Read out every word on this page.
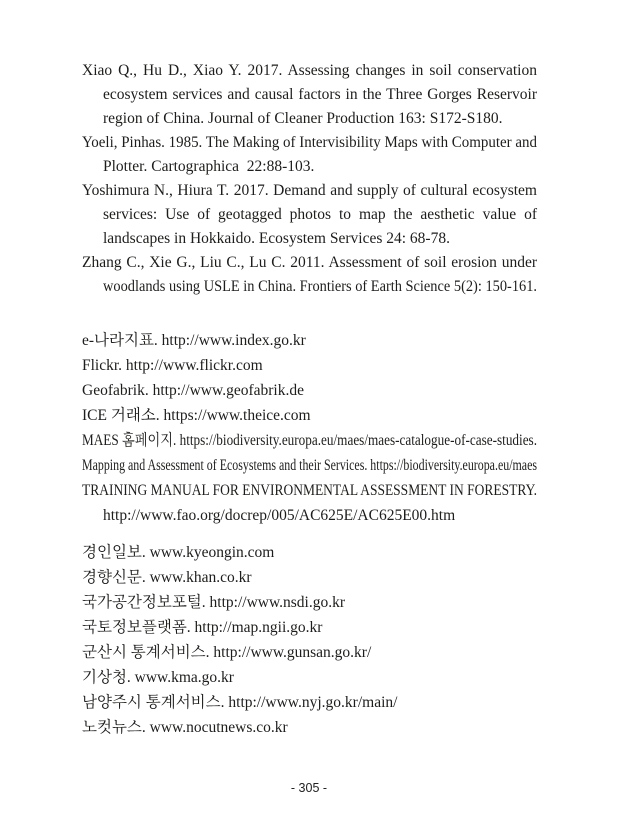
Xiao Q., Hu D., Xiao Y. 2017. Assessing changes in soil conservation
ecosystem services and causal factors in the Three Gorges Reservoir
region of China. Journal of Cleaner Production 163: S172-S180.
Yoeli, Pinhas. 1985. The Making of Intervisibility Maps with Computer and
Plotter. Cartographica  22:88-103.
Yoshimura N., Hiura T. 2017. Demand and supply of cultural ecosystem
services: Use of geotagged photos to map the aesthetic value of
landscapes in Hokkaido. Ecosystem Services 24: 68-78.
Zhang C., Xie G., Liu C., Lu C. 2011. Assessment of soil erosion under
woodlands using USLE in China. Frontiers of Earth Science 5(2): 150-161.
e-나라지표. http://www.index.go.kr
Flickr. http://www.flickr.com
Geofabrik. http://www.geofabrik.de
ICE 거래소. https://www.theice.com
MAES 홈페이지. https://biodiversity.europa.eu/maes/maes-catalogue-of-case-studies.
Mapping and Assessment of Ecosystems and their Services. https://biodiversity.europa.eu/maes
TRAINING MANUAL FOR ENVIRONMENTAL ASSESSMENT IN FORESTRY.
http://www.fao.org/docrep/005/AC625E/AC625E00.htm
경인일보. www.kyeongin.com
경향신문. www.khan.co.kr
국가공간정보포털. http://www.nsdi.go.kr
국토정보플랫폼. http://map.ngii.go.kr
군산시 통계서비스. http://www.gunsan.go.kr/
기상청. www.kma.go.kr
남양주시 통계서비스. http://www.nyj.go.kr/main/
노컷뉴스. www.nocutnews.co.kr
- 305 -
